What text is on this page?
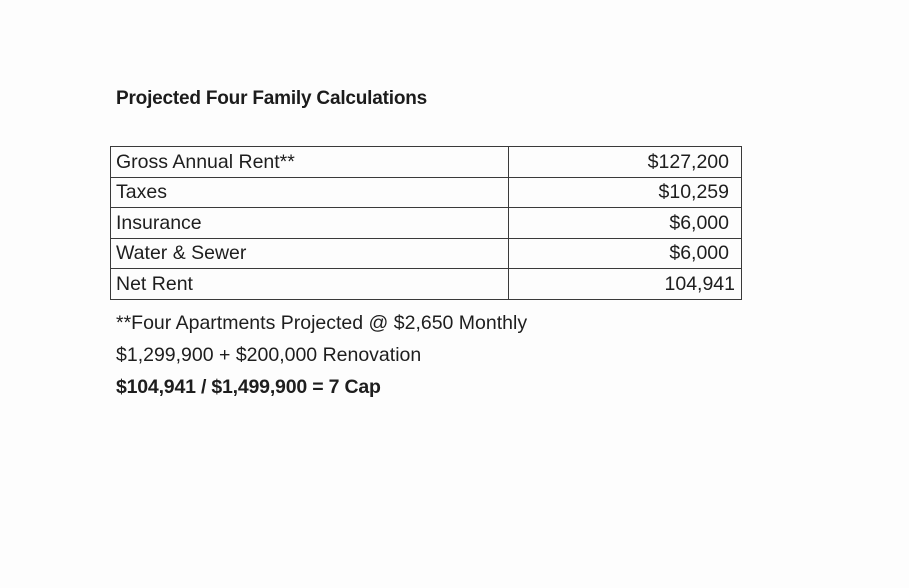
Projected Four Family Calculations
Gross Annual Rent**	$127,200
Taxes	$10,259
Insurance	$6,000
Water & Sewer	$6,000
Net Rent	104,941
**Four Apartments Projected @ $2,650 Monthly
$1,299,900 + $200,000 Renovation
$104,941 / $1,499,900 = 7 Cap
